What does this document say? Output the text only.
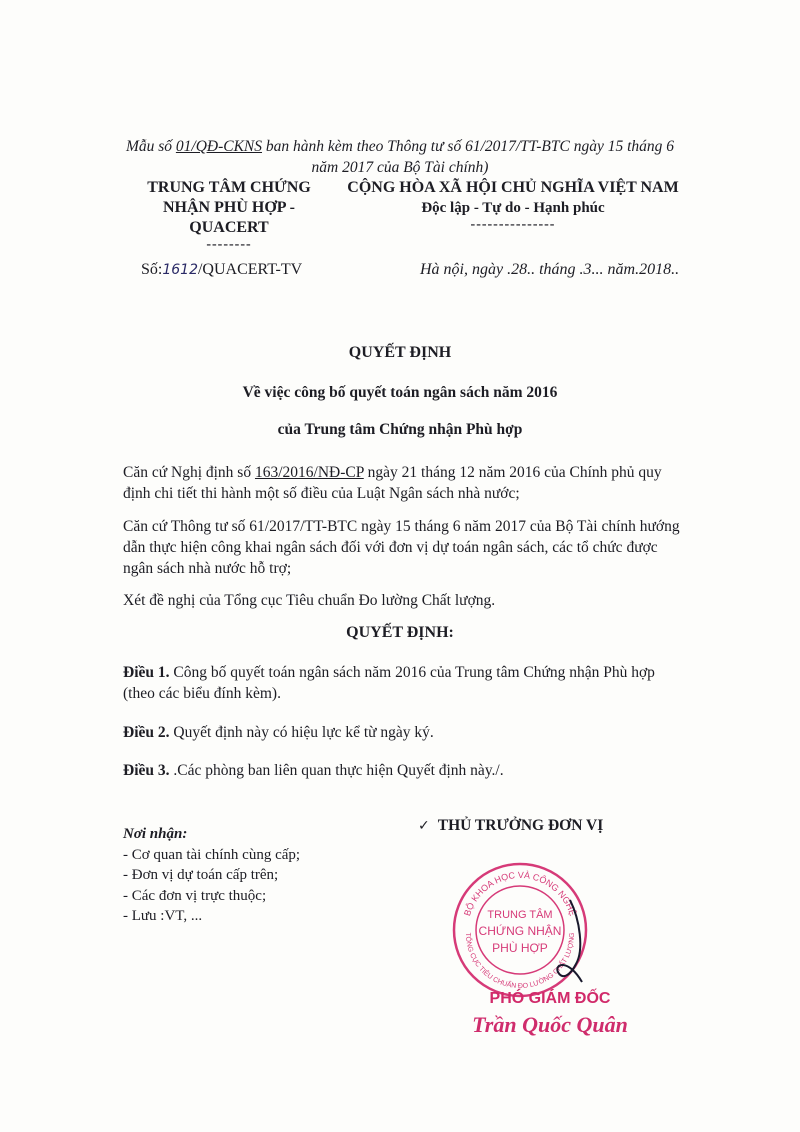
Mẫu số 01/QĐ-CKNS ban hành kèm theo Thông tư số 61/2017/TT-BTC ngày 15 tháng 6 năm 2017 của Bộ Tài chính)
TRUNG TÂM CHỨNG
NHẬN PHÙ HỢP -
QUACERT
--------
CỘNG HÒA XÃ HỘI CHỦ NGHĨA VIỆT NAM
Độc lập - Tự do - Hạnh phúc
---------------
Số:1612/QUACERT-TV	Hà nội, ngày .28.. tháng .3... năm.2018..
QUYẾT ĐỊNH
Về việc công bố quyết toán ngân sách năm 2016
của Trung tâm Chứng nhận Phù hợp
Căn cứ Nghị định số 163/2016/NĐ-CP ngày 21 tháng 12 năm 2016 của Chính phủ quy định chi tiết thi hành một số điều của Luật Ngân sách nhà nước;
Căn cứ Thông tư số 61/2017/TT-BTC ngày 15 tháng 6 năm 2017 của Bộ Tài chính hướng dẫn thực hiện công khai ngân sách đối với đơn vị dự toán ngân sách, các tổ chức được ngân sách nhà nước hỗ trợ;
Xét đề nghị của Tổng cục Tiêu chuẩn Đo lường Chất lượng.
QUYẾT ĐỊNH:
Điều 1. Công bố quyết toán ngân sách năm 2016 của Trung tâm Chứng nhận Phù hợp (theo các biểu đính kèm).
Điều 2. Quyết định này có hiệu lực kể từ ngày ký.
Điều 3. .Các phòng ban liên quan thực hiện Quyết định này./.
Nơi nhận:
- Cơ quan tài chính cùng cấp;
- Đơn vị dự toán cấp trên;
- Các đơn vị trực thuộc;
- Lưu :VT, ...
✓ THỦ TRƯỞNG ĐƠN VỊ
BỘ KHOA HỌC VÀ CÔNG NGHỆ
TỔNG CỤC TIÊU CHUẨN ĐO LƯỜNG CHẤT LƯỢNG
TRUNG TÂM
CHỨNG NHẬN
PHÙ HỢP
PHÓ GIÁM ĐỐC
Trần Quốc Quân
